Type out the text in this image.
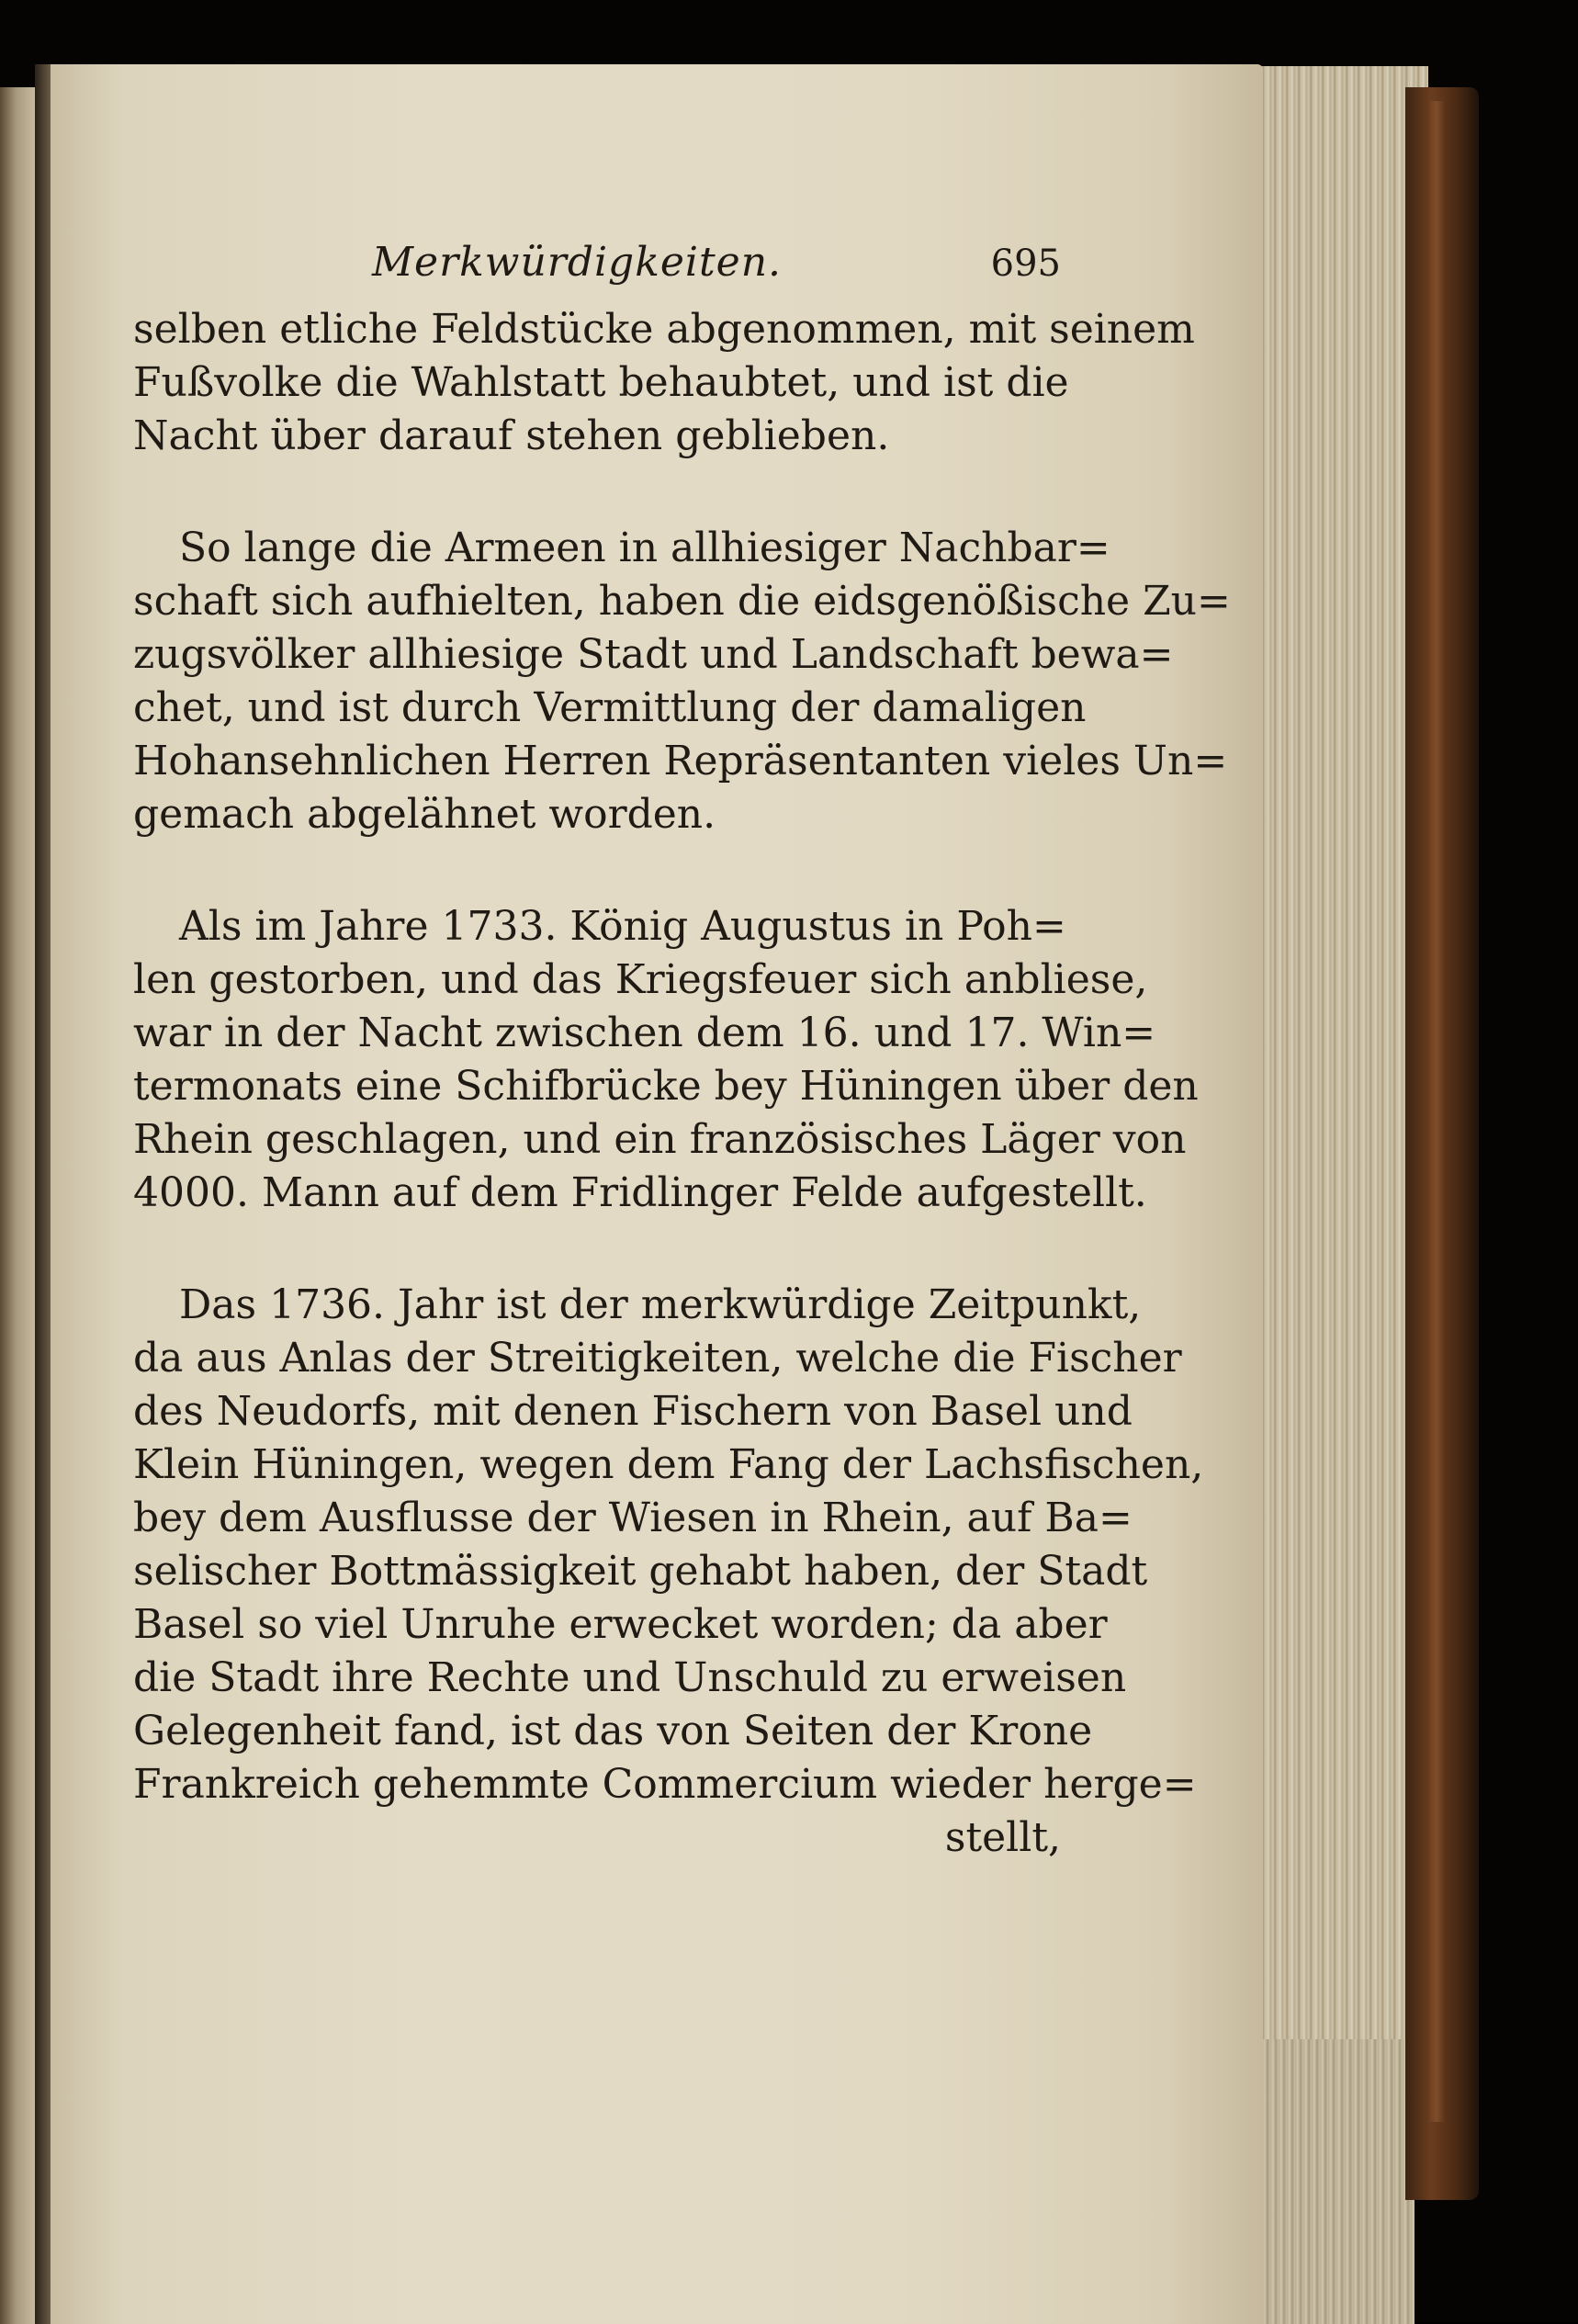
Merkwürdigkeiten.	695
selben etliche Feldstücke abgenommen, mit seinem
Fußvolke die Wahlstatt behaubtet, und ist die
Nacht über darauf stehen geblieben.
So lange die Armeen in allhiesiger Nachbar=
schaft sich aufhielten, haben die eidsgenößische Zu=
zugsvölker allhiesige Stadt und Landschaft bewa=
chet, und ist durch Vermittlung der damaligen
Hohansehnlichen Herren Repräsentanten vieles Un=
gemach abgelähnet worden.
Als im Jahre 1733. König Augustus in Poh=
len gestorben, und das Kriegsfeuer sich anbliese,
war in der Nacht zwischen dem 16. und 17. Win=
termonats eine Schifbrücke bey Hüningen über den
Rhein geschlagen, und ein französisches Läger von
4000. Mann auf dem Fridlinger Felde aufgestellt.
Das 1736. Jahr ist der merkwürdige Zeitpunkt,
da aus Anlas der Streitigkeiten, welche die Fischer
des Neudorfs, mit denen Fischern von Basel und
Klein Hüningen, wegen dem Fang der Lachsfischen,
bey dem Ausflusse der Wiesen in Rhein, auf Ba=
selischer Bottmässigkeit gehabt haben, der Stadt
Basel so viel Unruhe erwecket worden; da aber
die Stadt ihre Rechte und Unschuld zu erweisen
Gelegenheit fand, ist das von Seiten der Krone
Frankreich gehemmte Commercium wieder herge=
stellt,
